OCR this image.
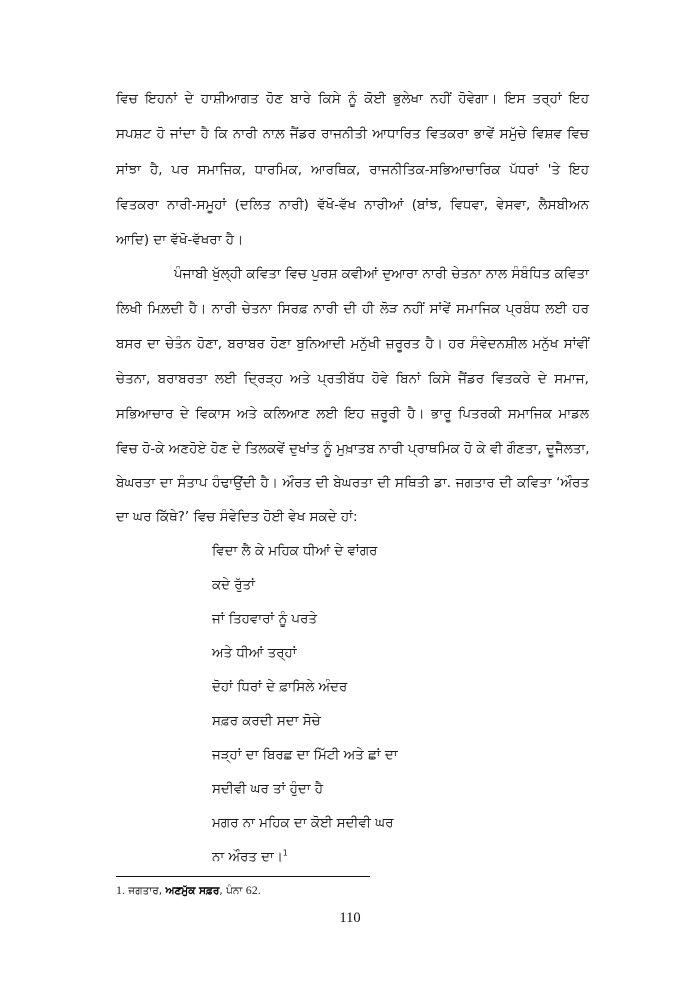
ਵਿਚ ਇਹਨਾਂ ਦੇ ਹਾਸ਼ੀਆਗਤ ਹੋਣ ਬਾਰੇ ਕਿਸੇ ਨੂੰ ਕੋਈ ਭੁਲੇਖਾ ਨਹੀਂ ਹੋਵੇਗਾ। ਇਸ ਤਰ੍ਹਾਂ ਇਹ
ਸਪਸ਼ਟ ਹੋ ਜਾਂਦਾ ਹੈ ਕਿ ਨਾਰੀ ਨਾਲ਼ ਜੈਂਡਰ ਰਾਜਨੀਤੀ ਆਧਾਰਿਤ ਵਿਤਕਰਾ ਭਾਵੇਂ ਸਮੁੱਚੇ ਵਿਸ਼ਵ ਵਿਚ
ਸਾਂਝਾ ਹੈ, ਪਰ ਸਮਾਜਿਕ, ਧਾਰਮਿਕ, ਆਰਥਿਕ, ਰਾਜਨੀਤਿਕ-ਸਭਿਆਚਾਰਿਕ ਪੱਧਰਾਂ 'ਤੇ ਇਹ
ਵਿਤਕਰਾ ਨਾਰੀ-ਸਮੂਹਾਂ (ਦਲਿਤ ਨਾਰੀ) ਵੱਖੋ-ਵੱਖ ਨਾਰੀਆਂ (ਬਾਂਝ, ਵਿਧਵਾ, ਵੇਸਵਾ, ਲੈਸਬੀਅਨ
ਆਦਿ) ਦਾ ਵੱਖੋ-ਵੱਖਰਾ ਹੈ।
ਪੰਜਾਬੀ ਖੁੱਲ੍ਹੀ ਕਵਿਤਾ ਵਿਚ ਪੁਰਸ਼ ਕਵੀਆਂ ਦੁਆਰਾ ਨਾਰੀ ਚੇਤਨਾ ਨਾਲ ਸੰਬੰਧਿਤ ਕਵਿਤਾ
ਲਿਖੀ ਮਿਲ਼ਦੀ ਹੈ। ਨਾਰੀ ਚੇਤਨਾ ਸਿਰਫ਼ ਨਾਰੀ ਦੀ ਹੀ ਲੋੜ ਨਹੀਂ ਸਾਂਵੇਂ ਸਮਾਜਿਕ ਪ੍ਰਬੰਧ ਲਈ ਹਰ
ਬਸਰ ਦਾ ਚੇਤੰਨ ਹੋਣਾ, ਬਰਾਬਰ ਹੋਣਾ ਬੁਨਿਆਦੀ ਮਨੁੱਖੀ ਜ਼ਰੂਰਤ ਹੈ। ਹਰ ਸੰਵੇਦਨਸ਼ੀਲ ਮਨੁੱਖ ਸਾਂਵੀਂ
ਚੇਤਨਾ, ਬਰਾਬਰਤਾ ਲਈ ਦ੍ਰਿੜ੍ਹ ਅਤੇ ਪ੍ਰਤੀਬੱਧ ਹੋਵੇ ਬਿਨਾਂ ਕਿਸੇ ਜੈਂਡਰ ਵਿਤਕਰੇ ਦੇ ਸਮਾਜ,
ਸਭਿਆਚਾਰ ਦੇ ਵਿਕਾਸ ਅਤੇ ਕਲਿਆਣ ਲਈ ਇਹ ਜ਼ਰੂਰੀ ਹੈ। ਭਾਰੂ ਪਿਤਰਕੀ ਸਮਾਜਿਕ ਮਾਡਲ
ਵਿਚ ਹੋ-ਕੇ ਅਣਹੋਏ ਹੋਣ ਦੇ ਤਿਲਕਵੇਂ ਦੁਖਾਂਤ ਨੂੰ ਮੁਖ਼ਾਤਬ ਨਾਰੀ ਪ੍ਰਾਥਮਿਕ ਹੋ ਕੇ ਵੀ ਗੌਣਤਾ, ਦੂਜੈਲਤਾ,
ਬੇਘਰਤਾ ਦਾ ਸੰਤਾਪ ਹੰਢਾਉਂਦੀ ਹੈ। ਔਰਤ ਦੀ ਬੇਘਰਤਾ ਦੀ ਸਥਿਤੀ ਡਾ. ਜਗਤਾਰ ਦੀ ਕਵਿਤਾ ‘ਔਰਤ
ਦਾ ਘਰ ਕਿੱਥੇ?’ ਵਿਚ ਸੰਵੇਦਿਤ ਹੋਈ ਵੇਖ ਸਕਦੇ ਹਾਂ:
ਵਿਦਾ ਲੈ ਕੇ ਮਹਿਕ ਧੀਆਂ ਦੇ ਵਾਂਗਰ
ਕਦੇ ਰੁੱਤਾਂ
ਜਾਂ ਤਿਹਵਾਰਾਂ ਨੂੰ ਪਰਤੇ
ਅਤੇ ਧੀਆਂ ਤਰ੍ਹਾਂ
ਦੋਹਾਂ ਧਿਰਾਂ ਦੇ ਫ਼ਾਸਿਲੇ ਅੰਦਰ
ਸਫ਼ਰ ਕਰਦੀ ਸਦਾ ਸੋਚੇ
ਜੜ੍ਹਾਂ ਦਾ ਬਿਰਛ ਦਾ ਮਿੱਟੀ ਅਤੇ ਛਾਂ ਦਾ
ਸਦੀਵੀ ਘਰ ਤਾਂ ਹੁੰਦਾ ਹੈ
ਮਗਰ ਨਾ ਮਹਿਕ ਦਾ ਕੋਈ ਸਦੀਵੀ ਘਰ
ਨਾ ਔਰਤ ਦਾ।$^1$
1. ਜਗਤਾਰ, ਅਣਮੁੱਕ ਸਫ਼ਰ, ਪੰਨਾ 62.
110
